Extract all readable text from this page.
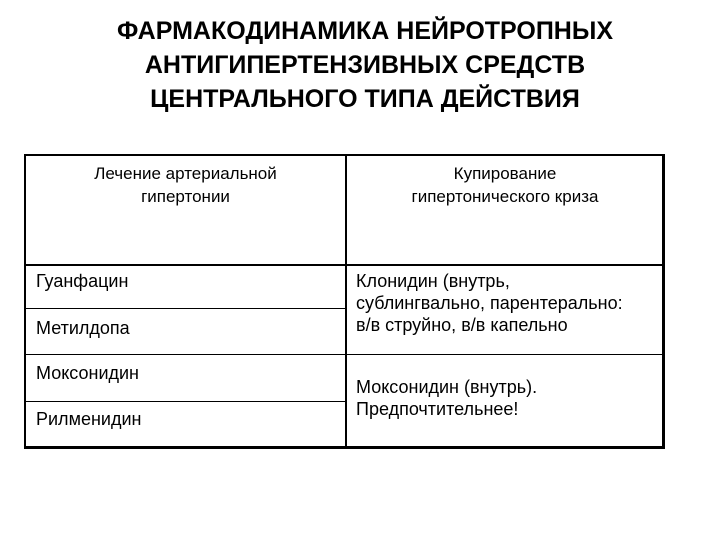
ФАРМАКОДИНАМИКА НЕЙРОТРОПНЫХ
АНТИГИПЕРТЕНЗИВНЫХ СРЕДСТВ
ЦЕНТРАЛЬНОГО ТИПА ДЕЙСТВИЯ
Лечение артериальной
гипертонии
Купирование
гипертонического криза
Гуанфацин
Метилдопа
Моксонидин
Рилменидин
Клонидин (внутрь,
сублингвально, парентерально:
в/в струйно, в/в капельно
Моксонидин (внутрь).
Предпочтительнее!
